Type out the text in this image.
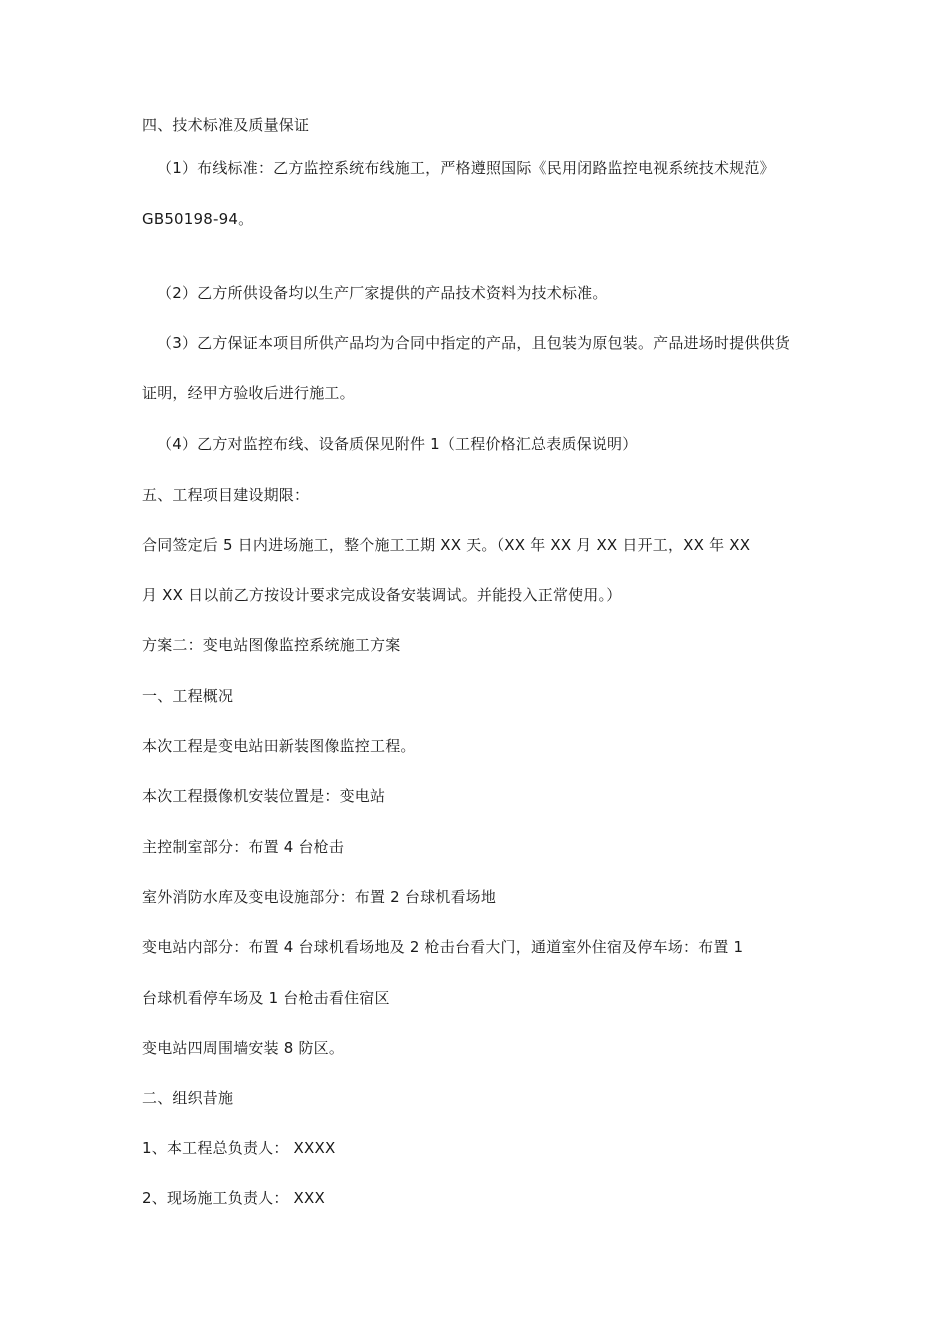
四、技术标准及质量保证
（1）布线标准：乙方监控系统布线施工，严格遵照国际《民用闭路监控电视系统技术规范》
GB50198-94。
（2）乙方所供设备均以生产厂家提供的产品技术资料为技术标准。
（3）乙方保证本项目所供产品均为合同中指定的产品，且包装为原包装。产品进场时提供供货
证明，经甲方验收后进行施工。
（4）乙方对监控布线、设备质保见附件 1（工程价格汇总表质保说明）
五、工程项目建设期限：
合同签定后 5 日内进场施工，整个施工工期 XX 天。（XX 年 XX 月 XX 日开工，XX 年 XX
月 XX 日以前乙方按设计要求完成设备安装调试。并能投入正常使用。）
方案二：变电站图像监控系统施工方案
一、工程概况
本次工程是变电站田新装图像监控工程。
本次工程摄像机安装位置是：变电站
主控制室部分：布置 4 台枪击
室外消防水库及变电设施部分：布置 2 台球机看场地
变电站内部分：布置 4 台球机看场地及 2 枪击台看大门，通道室外住宿及停车场：布置 1
台球机看停车场及 1 台枪击看住宿区
变电站四周围墙安装 8 防区。
二、组织昔施
1、本工程总负责人： XXXX
2、现场施工负责人： XXX
